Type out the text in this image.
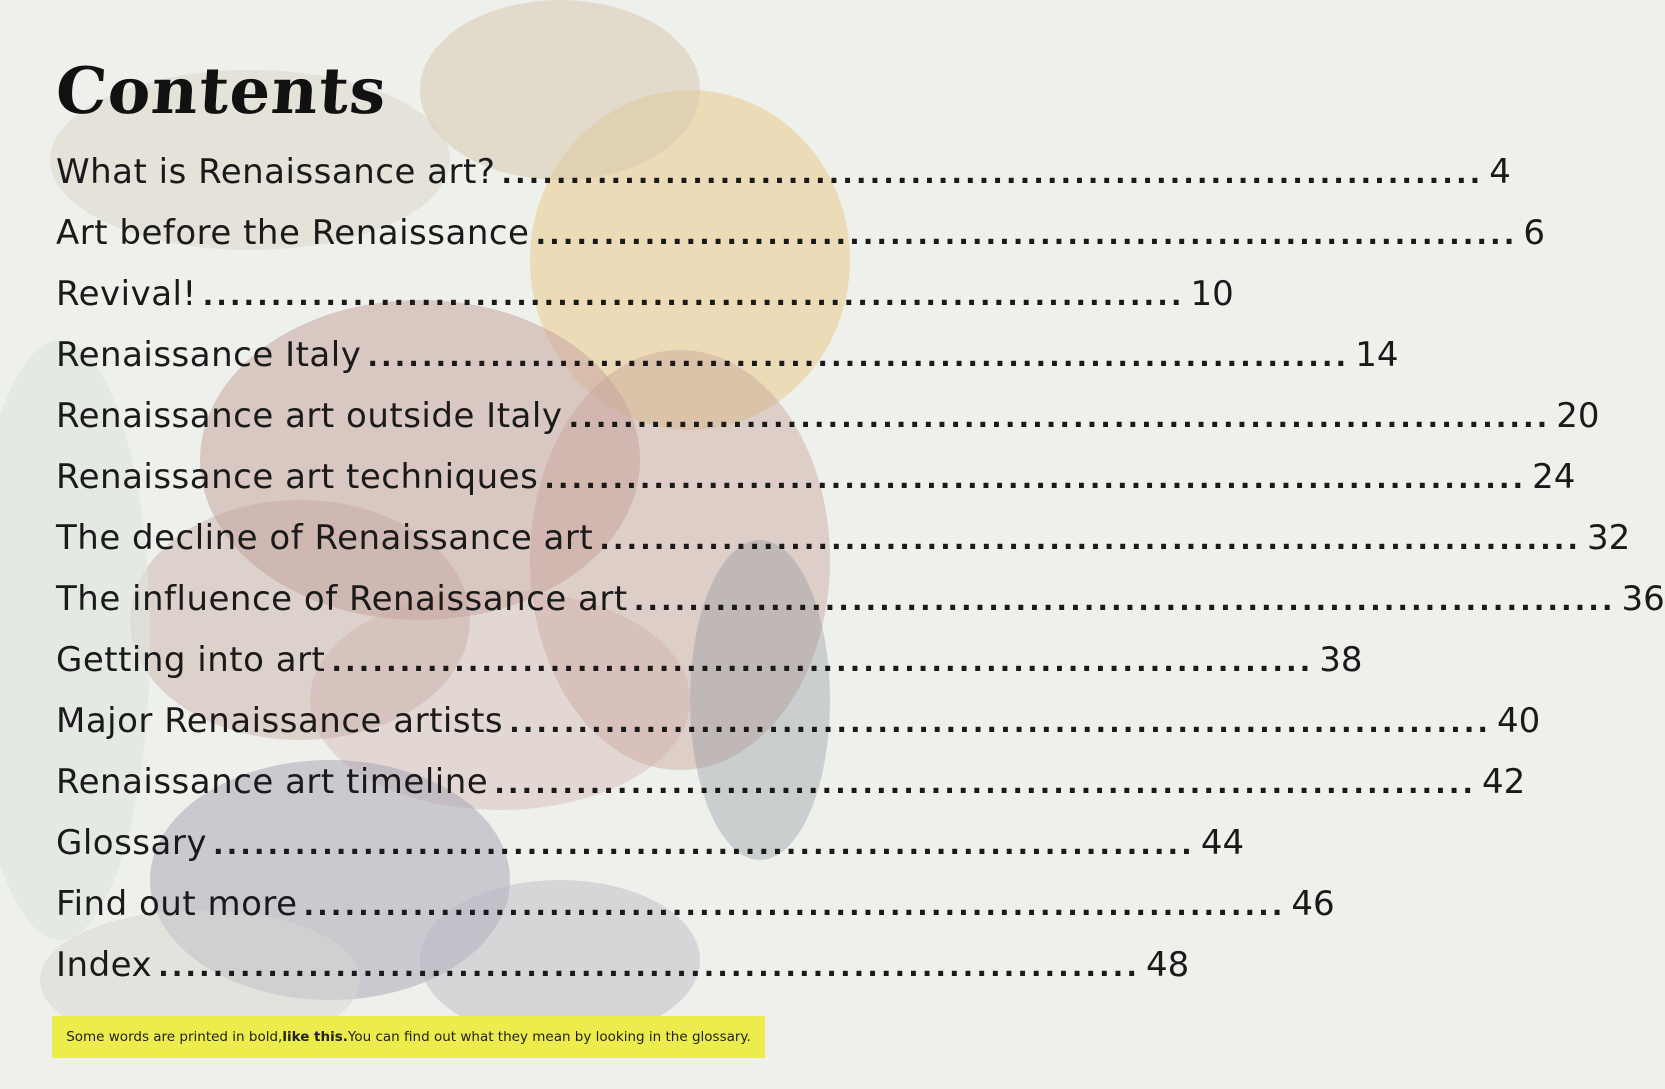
Contents
What is Renaissance art? ........................................................................ 4
Art before the Renaissance ........................................................................ 6
Revival! ........................................................................ 10
Renaissance Italy ........................................................................ 14
Renaissance art outside Italy ........................................................................ 20
Renaissance art techniques ........................................................................ 24
The decline of Renaissance art ........................................................................ 32
The influence of Renaissance art ........................................................................ 36
Getting into art ........................................................................ 38
Major Renaissance artists ........................................................................ 40
Renaissance art timeline ........................................................................ 42
Glossary ........................................................................ 44
Find out more ........................................................................ 46
Index ........................................................................ 48
Some words are printed in bold, like this. You can find out what they mean by looking in the glossary.
